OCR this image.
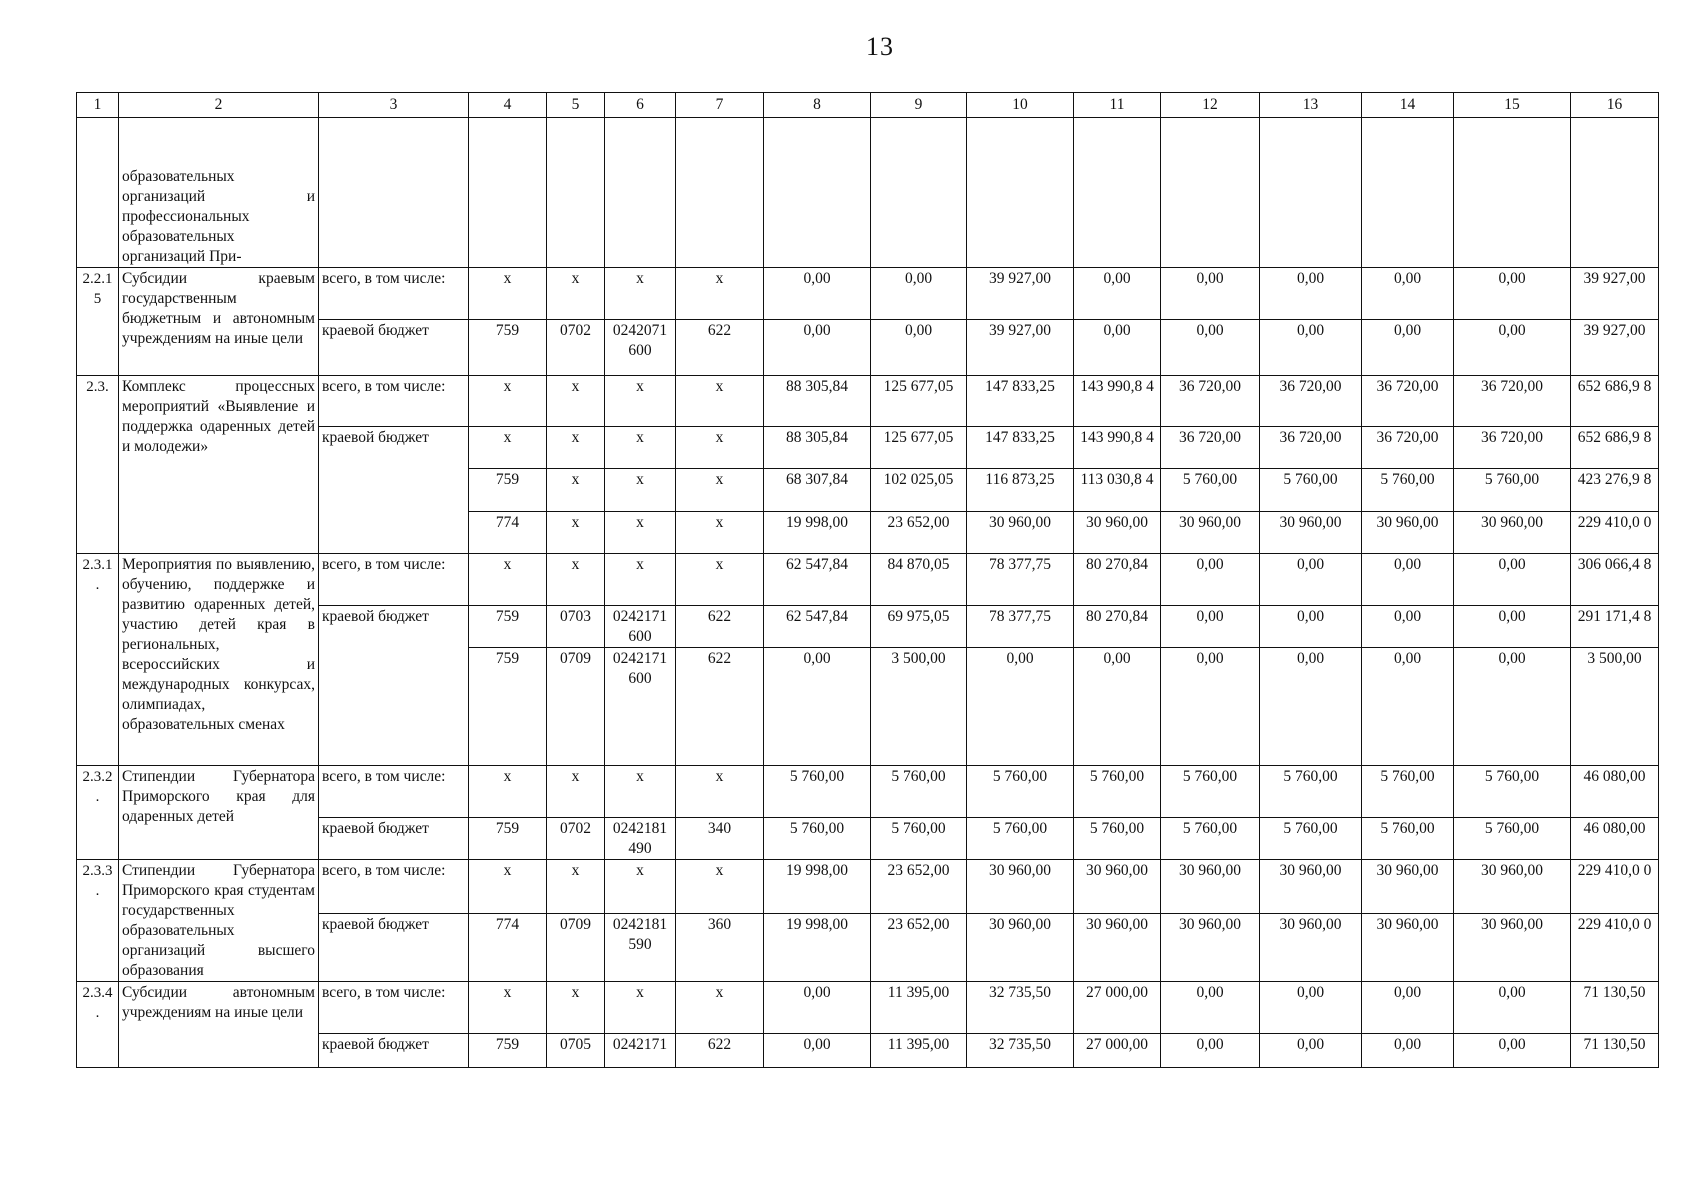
13
1	2	3	4	5	6	7	8	9	10	11	12	13	14	15	16
	образовательных организаций и профессиональных образовательных организаций При-														
2.2.1 5	Субсидии краевым государственным бюджетным и автономным учреждениям на иные цели	всего, в том числе:	x	x	x	x	0,00	0,00	39 927,00	0,00	0,00	0,00	0,00	0,00	39 927,00
		краевой бюджет	759	0702	0242071 600	622	0,00	0,00	39 927,00	0,00	0,00	0,00	0,00	0,00	39 927,00
2.3.	Комплекс процессных мероприятий «Выявление и поддержка одаренных детей и молодежи»	всего, в том числе:	x	x	x	x	88 305,84	125 677,05	147 833,25	143 990,8 4	36 720,00	36 720,00	36 720,00	36 720,00	652 686,9 8
		краевой бюджет	x	x	x	x	88 305,84	125 677,05	147 833,25	143 990,8 4	36 720,00	36 720,00	36 720,00	36 720,00	652 686,9 8
			759	x	x	x	68 307,84	102 025,05	116 873,25	113 030,8 4	5 760,00	5 760,00	5 760,00	5 760,00	423 276,9 8
			774	x	x	x	19 998,00	23 652,00	30 960,00	30 960,00	30 960,00	30 960,00	30 960,00	30 960,00	229 410,0 0
2.3.1 .	Мероприятия по выявлению, обучению, поддержке и развитию одаренных детей, участию детей края в региональных, всероссийских и международных конкурсах, олимпиадах, образовательных сменах	всего, в том числе:	x	x	x	x	62 547,84	84 870,05	78 377,75	80 270,84	0,00	0,00	0,00	0,00	306 066,4 8
		краевой бюджет	759	0703	0242171 600	622	62 547,84	69 975,05	78 377,75	80 270,84	0,00	0,00	0,00	0,00	291 171,4 8
			759	0709	0242171 600	622	0,00	3 500,00	0,00	0,00	0,00	0,00	0,00	0,00	3 500,00
2.3.2 .	Стипендии Губернатора Приморского края для одаренных детей	всего, в том числе:	x	x	x	x	5 760,00	5 760,00	5 760,00	5 760,00	5 760,00	5 760,00	5 760,00	5 760,00	46 080,00
		краевой бюджет	759	0702	0242181 490	340	5 760,00	5 760,00	5 760,00	5 760,00	5 760,00	5 760,00	5 760,00	5 760,00	46 080,00
2.3.3 .	Стипендии Губернатора Приморского края студентам государственных образовательных организаций высшего образования	всего, в том числе:	x	x	x	x	19 998,00	23 652,00	30 960,00	30 960,00	30 960,00	30 960,00	30 960,00	30 960,00	229 410,0 0
		краевой бюджет	774	0709	0242181 590	360	19 998,00	23 652,00	30 960,00	30 960,00	30 960,00	30 960,00	30 960,00	30 960,00	229 410,0 0
2.3.4 .	Субсидии автономным учреждениям на иные цели	всего, в том числе:	x	x	x	x	0,00	11 395,00	32 735,50	27 000,00	0,00	0,00	0,00	0,00	71 130,50
		краевой бюджет	759	0705	0242171	622	0,00	11 395,00	32 735,50	27 000,00	0,00	0,00	0,00	0,00	71 130,50
